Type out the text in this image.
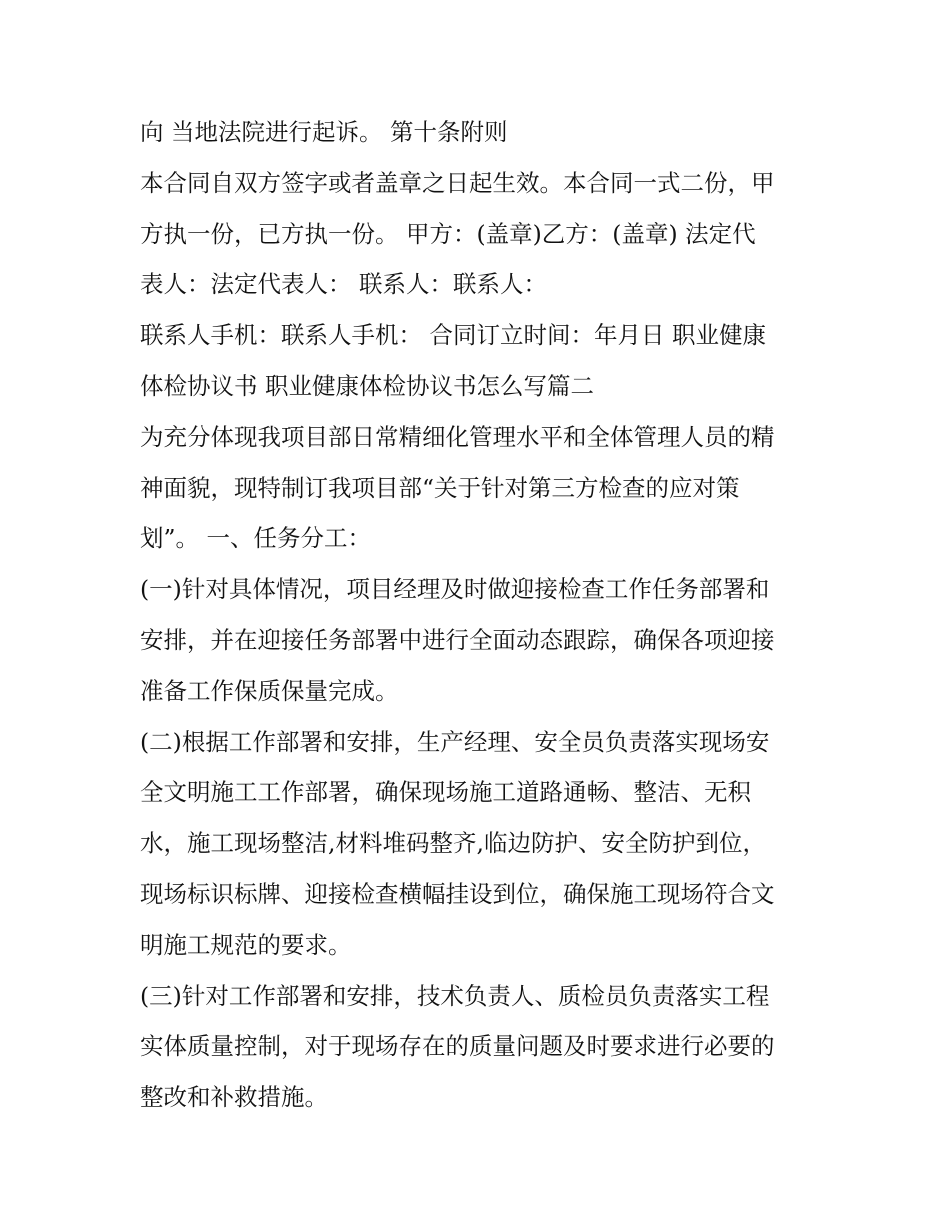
向 当地法院进行起诉。 第十条附则
本合同自双方签字或者盖章之日起生效。本合同一式二份，甲
方执一份，已方执一份。 甲方：(盖章)乙方：(盖章) 法定代
表人：法定代表人： 联系人：联系人：
联系人手机：联系人手机： 合同订立时间：年月日 职业健康
体检协议书 职业健康体检协议书怎么写篇二
为充分体现我项目部日常精细化管理水平和全体管理人员的精
神面貌，现特制订我项目部“关于针对第三方检查的应对策
划”。 一、任务分工：
(一)针对具体情况，项目经理及时做迎接检查工作任务部署和
安排，并在迎接任务部署中进行全面动态跟踪，确保各项迎接
准备工作保质保量完成。
(二)根据工作部署和安排，生产经理、安全员负责落实现场安
全文明施工工作部署，确保现场施工道路通畅、整洁、无积
水，施工现场整洁,材料堆码整齐,临边防护、安全防护到位，
现场标识标牌、迎接检查横幅挂设到位，确保施工现场符合文
明施工规范的要求。
(三)针对工作部署和安排，技术负责人、质检员负责落实工程
实体质量控制，对于现场存在的质量问题及时要求进行必要的
整改和补救措施。
